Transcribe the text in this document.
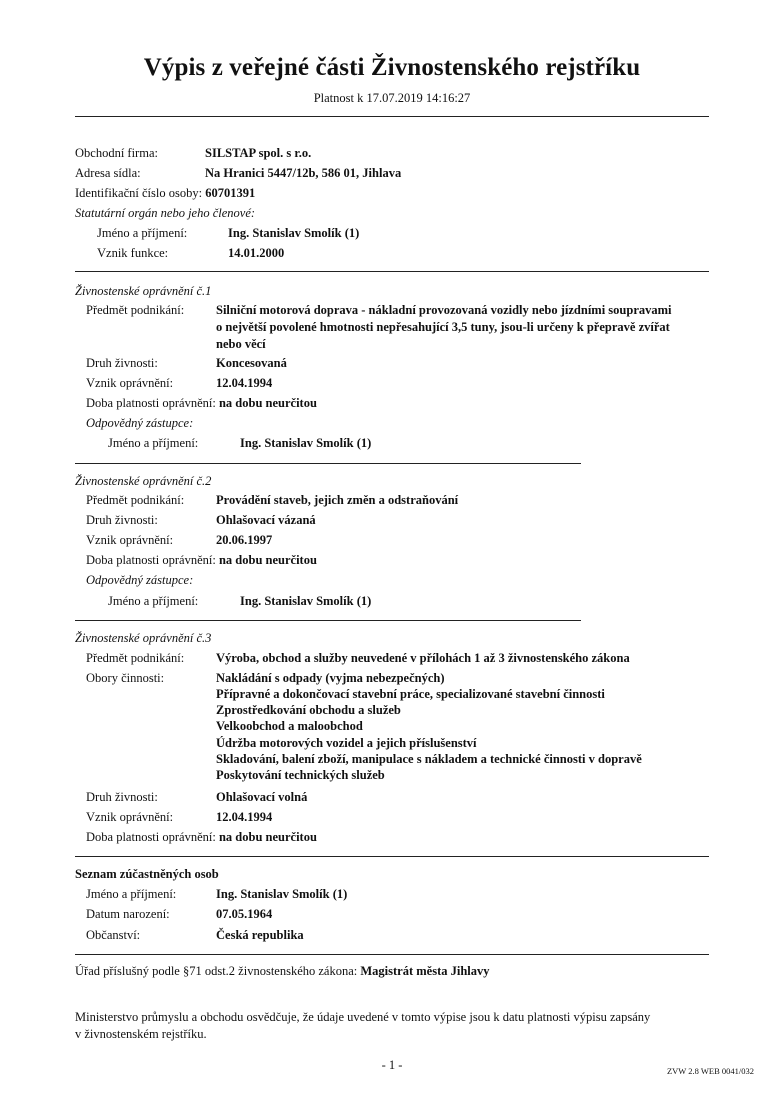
Výpis z veřejné části Živnostenského rejstříku
Platnost k 17.07.2019 14:16:27
Obchodní firma:	SILSTAP spol. s r.o.
Adresa sídla:	Na Hranici 5447/12b, 586 01, Jihlava
Identifikační číslo osoby: 60701391
Statutární orgán nebo jeho členové:
Jméno a příjmení:	Ing. Stanislav Smolík (1)
Vznik funkce:	14.01.2000
Živnostenské oprávnění č.1
Předmět podnikání:	Silniční motorová doprava - nákladní provozovaná vozidly nebo jízdními soupravami
o největší povolené hmotnosti nepřesahující 3,5 tuny, jsou-li určeny k přepravě zvířat
nebo věcí
Druh živnosti:	Koncesovaná
Vznik oprávnění:	12.04.1994
Doba platnosti oprávnění: na dobu neurčitou
Odpovědný zástupce:
Jméno a příjmení:	Ing. Stanislav Smolík (1)
Živnostenské oprávnění č.2
Předmět podnikání:	Provádění staveb, jejich změn a odstraňování
Druh živnosti:	Ohlašovací vázaná
Vznik oprávnění:	20.06.1997
Doba platnosti oprávnění: na dobu neurčitou
Odpovědný zástupce:
Jméno a příjmení:	Ing. Stanislav Smolík (1)
Živnostenské oprávnění č.3
Předmět podnikání:	Výroba, obchod a služby neuvedené v přílohách 1 až 3 živnostenského zákona
Obory činnosti:	Nakládání s odpady (vyjma nebezpečných)
Přípravné a dokončovací stavební práce, specializované stavební činnosti
Zprostředkování obchodu a služeb
Velkoobchod a maloobchod
Údržba motorových vozidel a jejich příslušenství
Skladování, balení zboží, manipulace s nákladem a technické činnosti v dopravě
Poskytování technických služeb
Druh živnosti:	Ohlašovací volná
Vznik oprávnění:	12.04.1994
Doba platnosti oprávnění: na dobu neurčitou
Seznam zúčastněných osob
Jméno a příjmení:	Ing. Stanislav Smolík (1)
Datum narození:	07.05.1964
Občanství:	Česká republika
Úřad příslušný podle §71 odst.2 živnostenského zákona: Magistrát města Jihlavy
Ministerstvo průmyslu a obchodu osvědčuje, že údaje uvedené v tomto výpise jsou k datu platnosti výpisu zapsány
v živnostenském rejstříku.
- 1 -	ZVW 2.8 WEB 0041/032
